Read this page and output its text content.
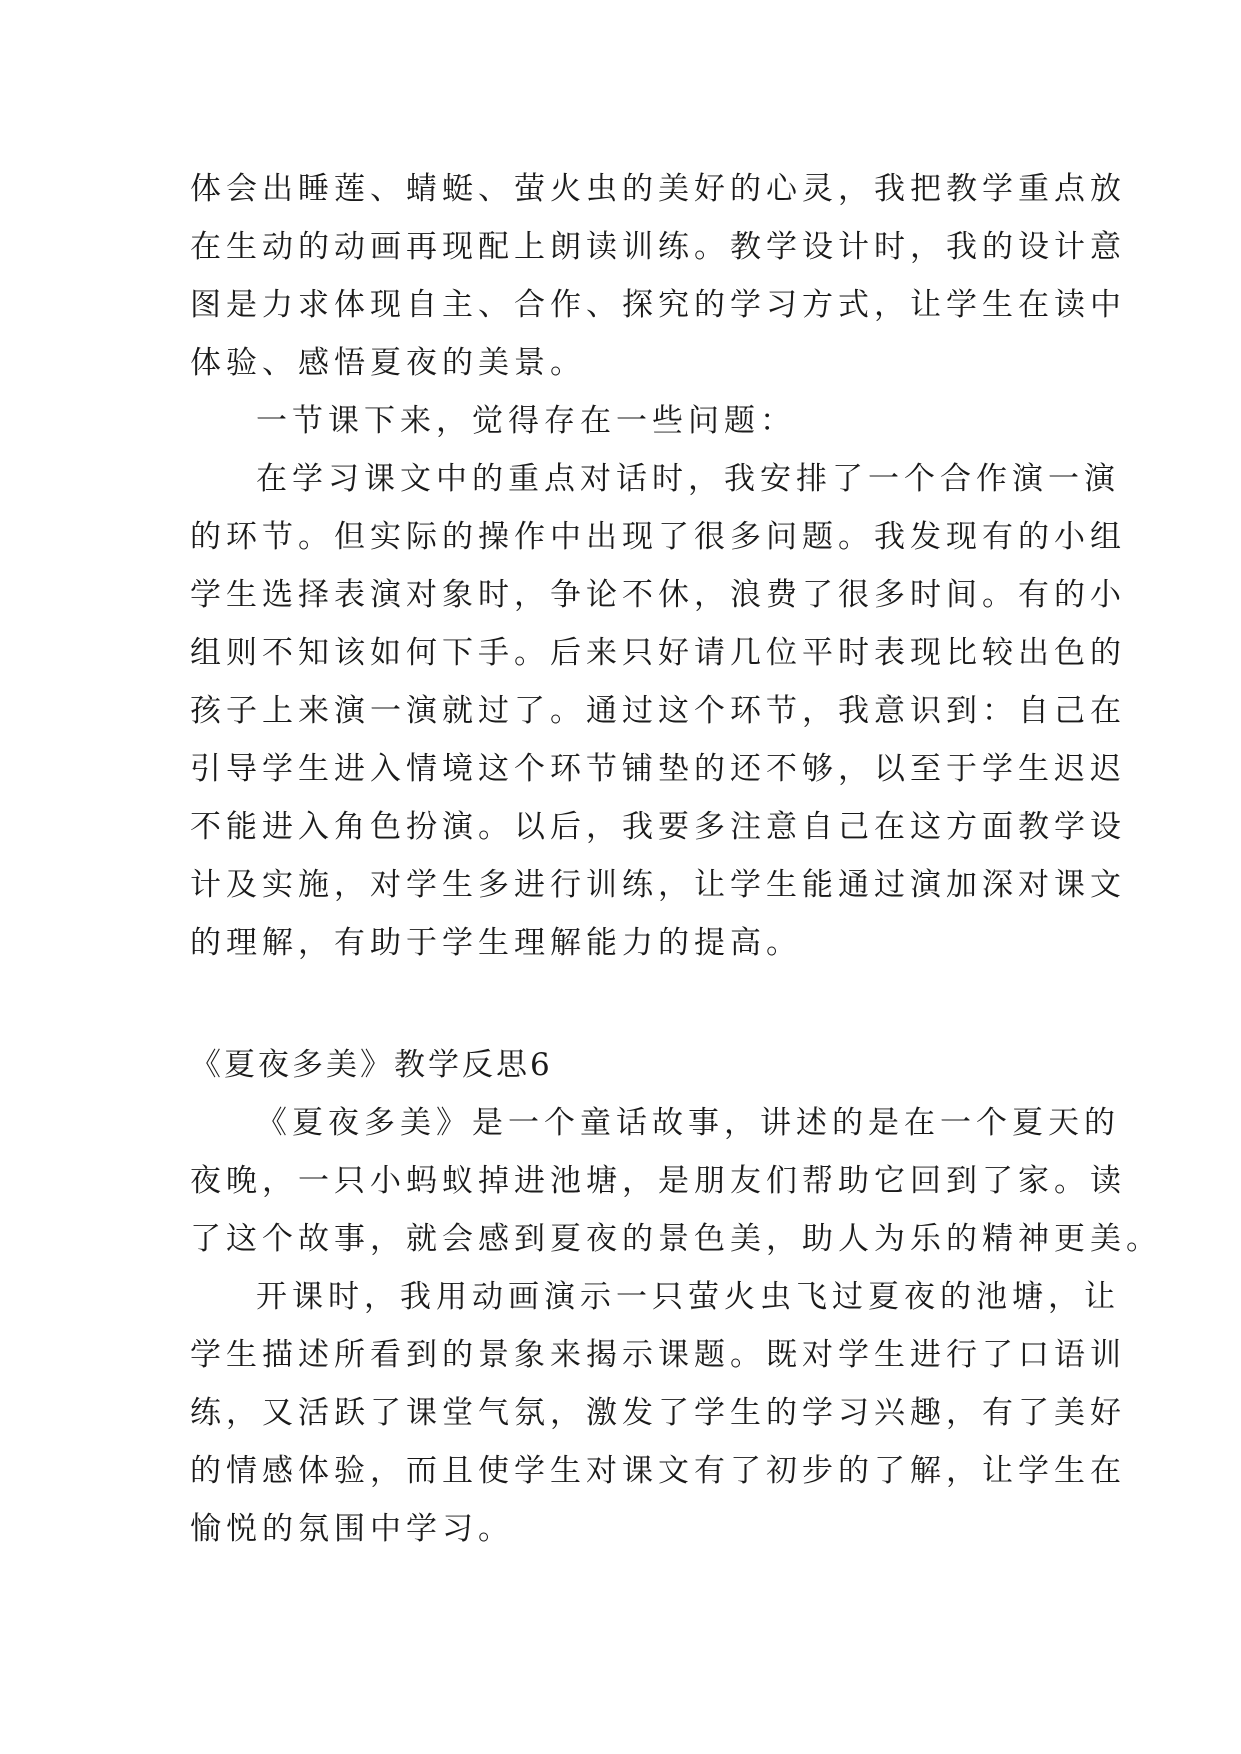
体会出睡莲、蜻蜓、萤火虫的美好的心灵，我把教学重点放
在生动的动画再现配上朗读训练。教学设计时，我的设计意
图是力求体现自主、合作、探究的学习方式，让学生在读中
体验、感悟夏夜的美景。
一节课下来，觉得存在一些问题：
在学习课文中的重点对话时，我安排了一个合作演一演
的环节。但实际的操作中出现了很多问题。我发现有的小组
学生选择表演对象时，争论不休，浪费了很多时间。有的小
组则不知该如何下手。后来只好请几位平时表现比较出色的
孩子上来演一演就过了。通过这个环节，我意识到：自己在
引导学生进入情境这个环节铺垫的还不够，以至于学生迟迟
不能进入角色扮演。以后，我要多注意自己在这方面教学设
计及实施，对学生多进行训练，让学生能通过演加深对课文
的理解，有助于学生理解能力的提高。
《夏夜多美》教学反思6
《夏夜多美》是一个童话故事，讲述的是在一个夏天的
夜晚，一只小蚂蚁掉进池塘，是朋友们帮助它回到了家。读
了这个故事，就会感到夏夜的景色美，助人为乐的精神更美。
开课时，我用动画演示一只萤火虫飞过夏夜的池塘，让
学生描述所看到的景象来揭示课题。既对学生进行了口语训
练，又活跃了课堂气氛，激发了学生的学习兴趣，有了美好
的情感体验，而且使学生对课文有了初步的了解，让学生在
愉悦的氛围中学习。
